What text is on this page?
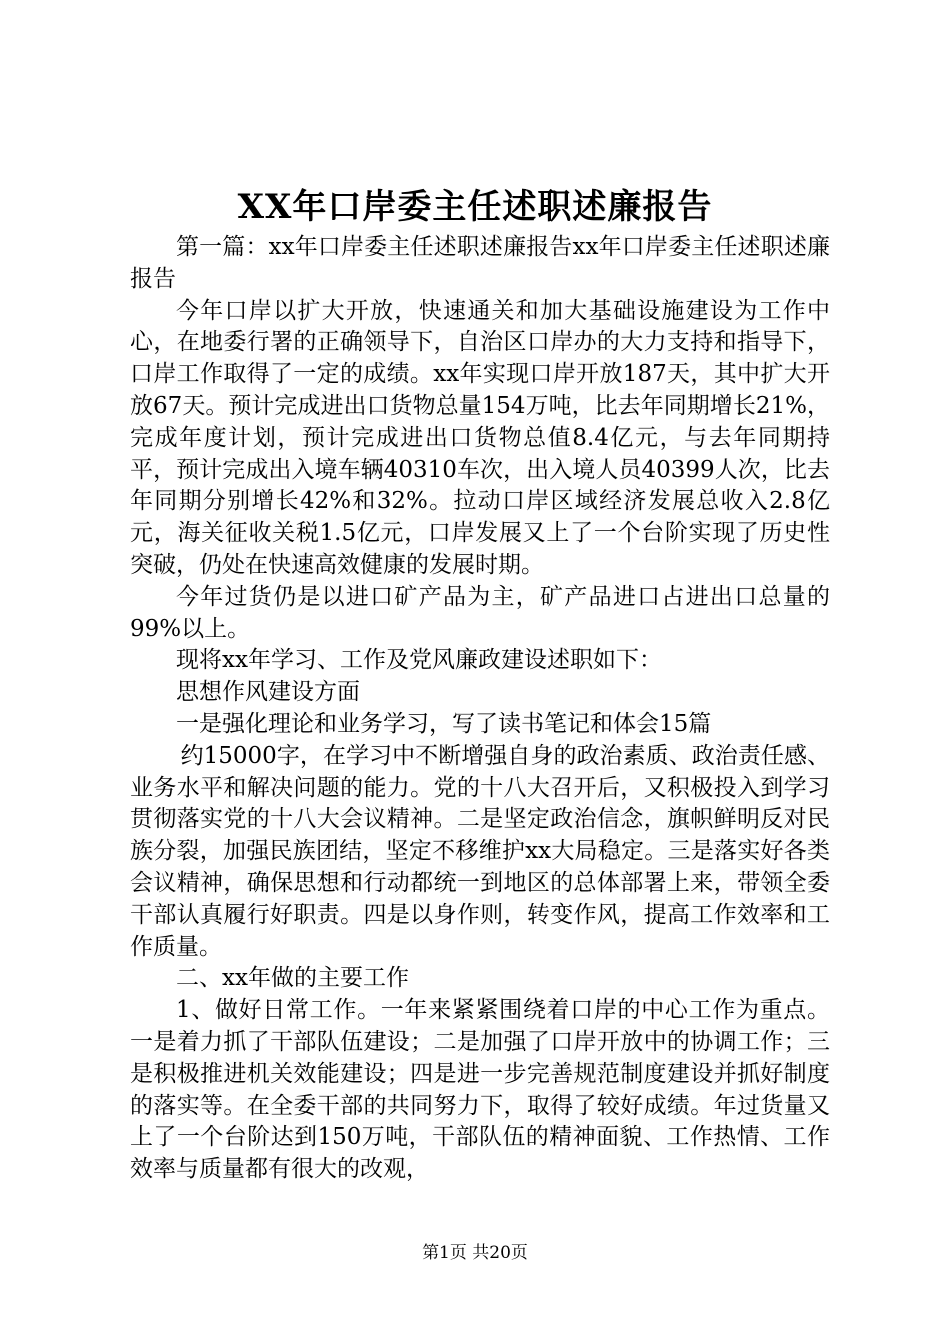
XX年口岸委主任述职述廉报告

第一篇：xx年口岸委主任述职述廉报告xx年口岸委主任述职述廉报告

今年口岸以扩大开放，快速通关和加大基础设施建设为工作中心，在地委行署的正确领导下，自治区口岸办的大力支持和指导下，口岸工作取得了一定的成绩。xx年实现口岸开放187天，其中扩大开放67天。预计完成进出口货物总量154万吨，比去年同期增长21%，完成年度计划，预计完成进出口货物总值8.4亿元，与去年同期持平，预计完成出入境车辆40310车次，出入境人员40399人次，比去年同期分别增长42%和32%。拉动口岸区域经济发展总收入2.8亿元，海关征收关税1.5亿元，口岸发展又上了一个台阶实现了历史性突破，仍处在快速高效健康的发展时期。

今年过货仍是以进口矿产品为主，矿产品进口占进出口总量的99%以上。

现将xx年学习、工作及党风廉政建设述职如下：

思想作风建设方面

一是强化理论和业务学习，写了读书笔记和体会15篇

约15000字，在学习中不断增强自身的政治素质、政治责任感、业务水平和解决问题的能力。党的十八大召开后，又积极投入到学习贯彻落实党的十八大会议精神。二是坚定政治信念，旗帜鲜明反对民族分裂，加强民族团结，坚定不移维护xx大局稳定。三是落实好各类会议精神，确保思想和行动都统一到地区的总体部署上来，带领全委干部认真履行好职责。四是以身作则，转变作风，提高工作效率和工作质量。

二、xx年做的主要工作

1、做好日常工作。一年来紧紧围绕着口岸的中心工作为重点。一是着力抓了干部队伍建设；二是加强了口岸开放中的协调工作；三是积极推进机关效能建设；四是进一步完善规范制度建设并抓好制度的落实等。在全委干部的共同努力下，取得了较好成绩。年过货量又上了一个台阶达到150万吨，干部队伍的精神面貌、工作热情、工作效率与质量都有很大的改观，

第1页 共20页
